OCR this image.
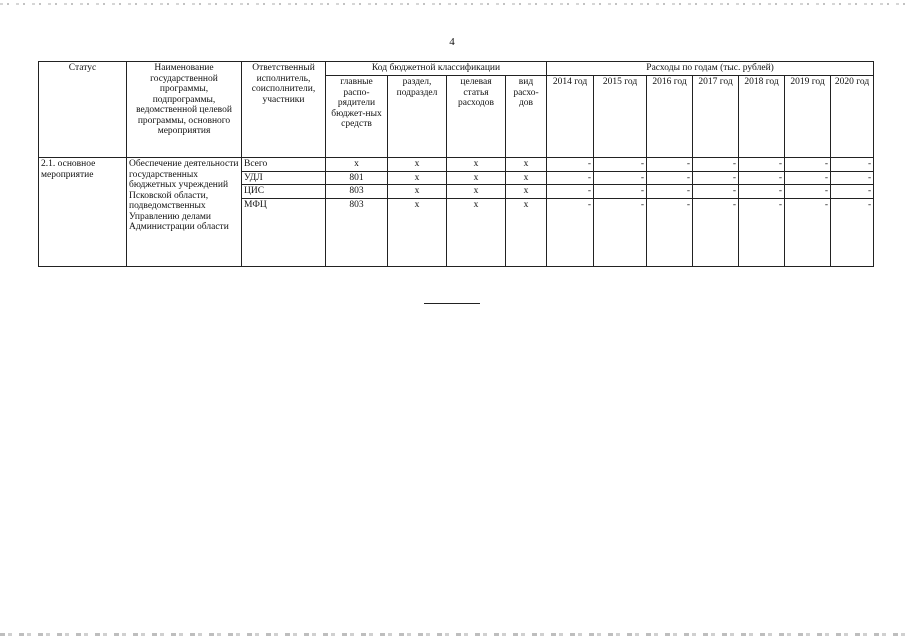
4
Статус	Наименование государственной программы, подпрограммы, ведомственной целевой программы, основного мероприятия	Ответственный исполнитель, соисполнители, участники	Код бюджетной классификации				Расходы по годам (тыс. рублей)						
			главные распо-рядители бюджет-ных средств	раздел, подраздел	целевая статья расходов	вид расхо-дов	2014 год	2015 год	2016 год	2017 год	2018 год	2019 год	2020 год
2.1. основное мероприятие	Обеспечение деятельности государственных бюджетных учреждений Псковской области, подведомственных Управлению делами Администрации области	Всего	x	x	x	x	-	-	-	-	-	-	-
		УДЛ	801	x	x	x	-	-	-	-	-	-	-
		ЦИС	803	x	x	x	-	-	-	-	-	-	-
		МФЦ	803	x	x	x	-	-	-	-	-	-	-
